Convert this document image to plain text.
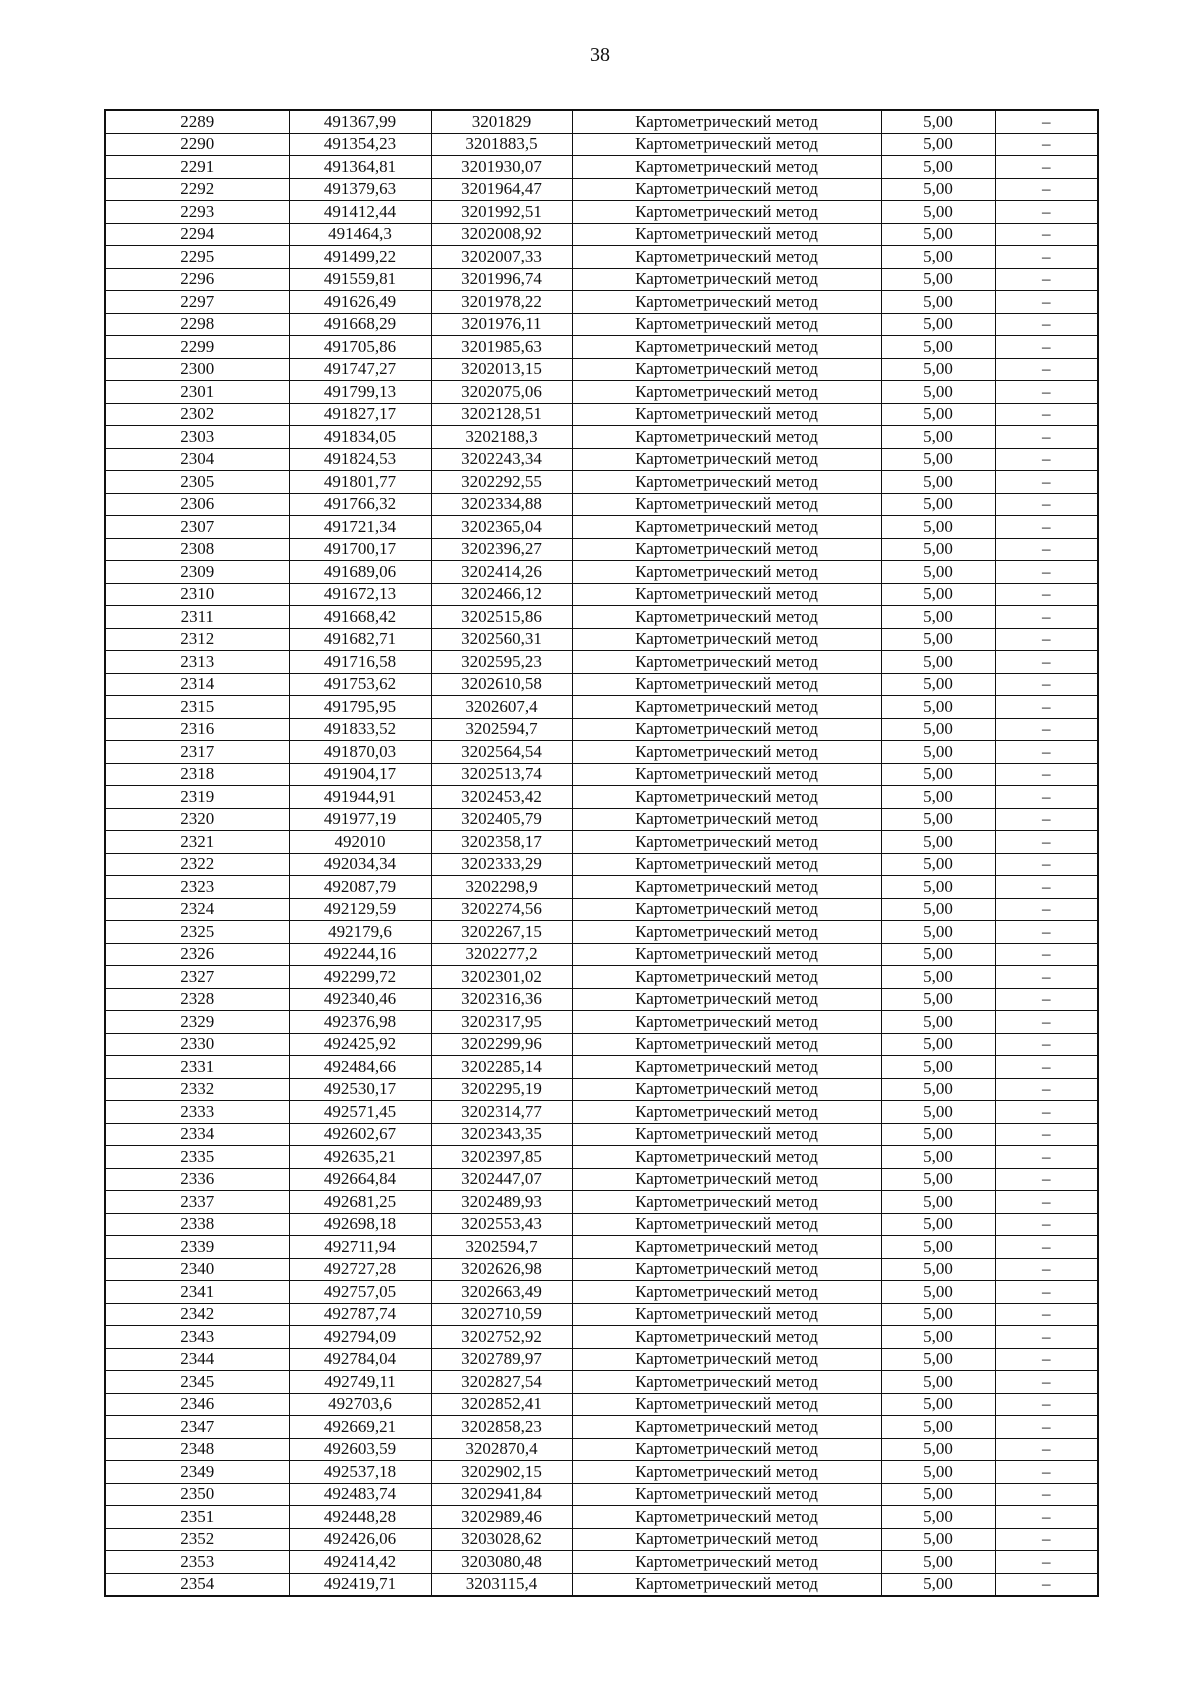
38
2289	491367,99	3201829	Картометрический метод	5,00	–
2290	491354,23	3201883,5	Картометрический метод	5,00	–
2291	491364,81	3201930,07	Картометрический метод	5,00	–
2292	491379,63	3201964,47	Картометрический метод	5,00	–
2293	491412,44	3201992,51	Картометрический метод	5,00	–
2294	491464,3	3202008,92	Картометрический метод	5,00	–
2295	491499,22	3202007,33	Картометрический метод	5,00	–
2296	491559,81	3201996,74	Картометрический метод	5,00	–
2297	491626,49	3201978,22	Картометрический метод	5,00	–
2298	491668,29	3201976,11	Картометрический метод	5,00	–
2299	491705,86	3201985,63	Картометрический метод	5,00	–
2300	491747,27	3202013,15	Картометрический метод	5,00	–
2301	491799,13	3202075,06	Картометрический метод	5,00	–
2302	491827,17	3202128,51	Картометрический метод	5,00	–
2303	491834,05	3202188,3	Картометрический метод	5,00	–
2304	491824,53	3202243,34	Картометрический метод	5,00	–
2305	491801,77	3202292,55	Картометрический метод	5,00	–
2306	491766,32	3202334,88	Картометрический метод	5,00	–
2307	491721,34	3202365,04	Картометрический метод	5,00	–
2308	491700,17	3202396,27	Картометрический метод	5,00	–
2309	491689,06	3202414,26	Картометрический метод	5,00	–
2310	491672,13	3202466,12	Картометрический метод	5,00	–
2311	491668,42	3202515,86	Картометрический метод	5,00	–
2312	491682,71	3202560,31	Картометрический метод	5,00	–
2313	491716,58	3202595,23	Картометрический метод	5,00	–
2314	491753,62	3202610,58	Картометрический метод	5,00	–
2315	491795,95	3202607,4	Картометрический метод	5,00	–
2316	491833,52	3202594,7	Картометрический метод	5,00	–
2317	491870,03	3202564,54	Картометрический метод	5,00	–
2318	491904,17	3202513,74	Картометрический метод	5,00	–
2319	491944,91	3202453,42	Картометрический метод	5,00	–
2320	491977,19	3202405,79	Картометрический метод	5,00	–
2321	492010	3202358,17	Картометрический метод	5,00	–
2322	492034,34	3202333,29	Картометрический метод	5,00	–
2323	492087,79	3202298,9	Картометрический метод	5,00	–
2324	492129,59	3202274,56	Картометрический метод	5,00	–
2325	492179,6	3202267,15	Картометрический метод	5,00	–
2326	492244,16	3202277,2	Картометрический метод	5,00	–
2327	492299,72	3202301,02	Картометрический метод	5,00	–
2328	492340,46	3202316,36	Картометрический метод	5,00	–
2329	492376,98	3202317,95	Картометрический метод	5,00	–
2330	492425,92	3202299,96	Картометрический метод	5,00	–
2331	492484,66	3202285,14	Картометрический метод	5,00	–
2332	492530,17	3202295,19	Картометрический метод	5,00	–
2333	492571,45	3202314,77	Картометрический метод	5,00	–
2334	492602,67	3202343,35	Картометрический метод	5,00	–
2335	492635,21	3202397,85	Картометрический метод	5,00	–
2336	492664,84	3202447,07	Картометрический метод	5,00	–
2337	492681,25	3202489,93	Картометрический метод	5,00	–
2338	492698,18	3202553,43	Картометрический метод	5,00	–
2339	492711,94	3202594,7	Картометрический метод	5,00	–
2340	492727,28	3202626,98	Картометрический метод	5,00	–
2341	492757,05	3202663,49	Картометрический метод	5,00	–
2342	492787,74	3202710,59	Картометрический метод	5,00	–
2343	492794,09	3202752,92	Картометрический метод	5,00	–
2344	492784,04	3202789,97	Картометрический метод	5,00	–
2345	492749,11	3202827,54	Картометрический метод	5,00	–
2346	492703,6	3202852,41	Картометрический метод	5,00	–
2347	492669,21	3202858,23	Картометрический метод	5,00	–
2348	492603,59	3202870,4	Картометрический метод	5,00	–
2349	492537,18	3202902,15	Картометрический метод	5,00	–
2350	492483,74	3202941,84	Картометрический метод	5,00	–
2351	492448,28	3202989,46	Картометрический метод	5,00	–
2352	492426,06	3203028,62	Картометрический метод	5,00	–
2353	492414,42	3203080,48	Картометрический метод	5,00	–
2354	492419,71	3203115,4	Картометрический метод	5,00	–
